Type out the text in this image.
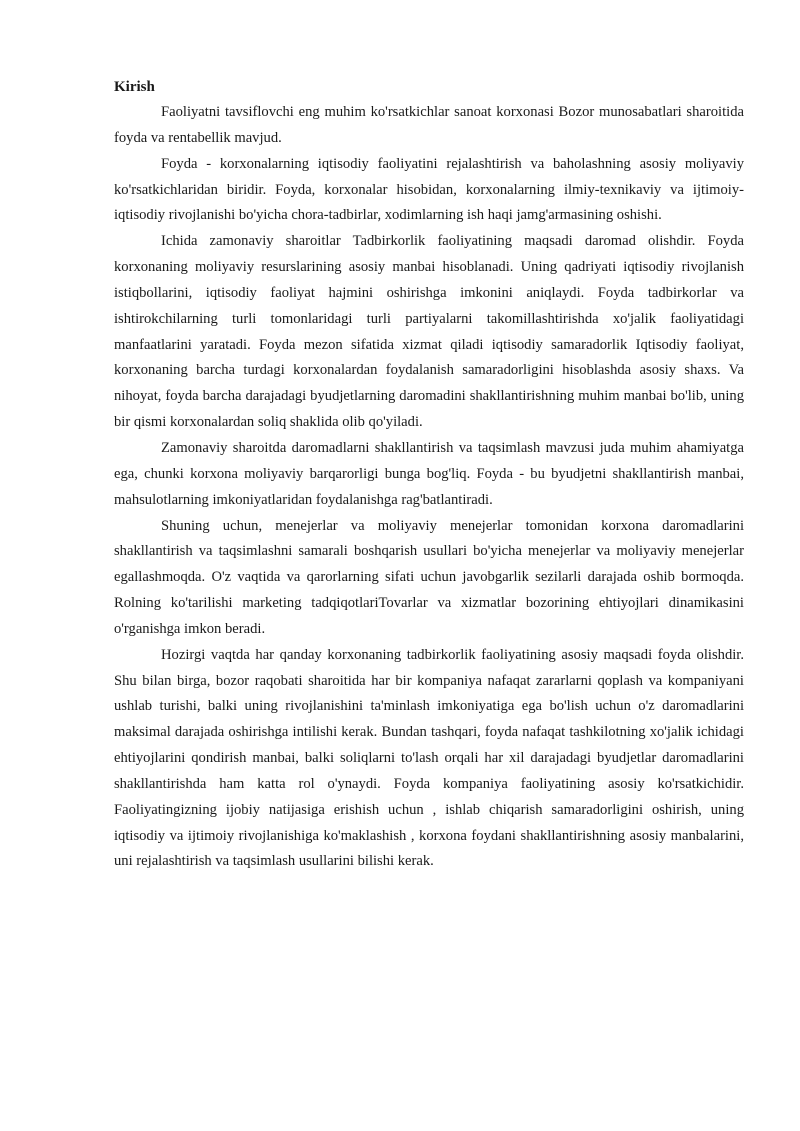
Kirish

Faoliyatni tavsiflovchi eng muhim ko'rsatkichlar sanoat korxonasi Bozor munosabatlari sharoitida foyda va rentabellik mavjud.

Foyda - korxonalarning iqtisodiy faoliyatini rejalashtirish va baholashning asosiy moliyaviy ko'rsatkichlaridan biridir. Foyda, korxonalar hisobidan, korxonalarning ilmiy-texnikaviy va ijtimoiy-iqtisodiy rivojlanishi bo'yicha chora-tadbirlar, xodimlarning ish haqi jamg'armasining oshishi.

Ichida zamonaviy sharoitlar Tadbirkorlik faoliyatining maqsadi daromad olishdir. Foyda korxonaning moliyaviy resurslarining asosiy manbai hisoblanadi. Uning qadriyati iqtisodiy rivojlanish istiqbollarini, iqtisodiy faoliyat hajmini oshirishga imkonini aniqlaydi. Foyda tadbirkorlar va ishtirokchilarning turli tomonlaridagi turli partiyalarni takomillashtirishda xo'jalik faoliyatidagi manfaatlarini yaratadi. Foyda mezon sifatida xizmat qiladi iqtisodiy samaradorlik Iqtisodiy faoliyat, korxonaning barcha turdagi korxonalardan foydalanish samaradorligini hisoblashda asosiy shaxs. Va nihoyat, foyda barcha darajadagi byudjetlarning daromadini shakllantirishning muhim manbai bo'lib, uning bir qismi korxonalardan soliq shaklida olib qo'yiladi.

Zamonaviy sharoitda daromadlarni shakllantirish va taqsimlash mavzusi juda muhim ahamiyatga ega, chunki korxona moliyaviy barqarorligi bunga bog'liq. Foyda - bu byudjetni shakllantirish manbai, mahsulotlarning imkoniyatlaridan foydalanishga rag'batlantiradi.

Shuning uchun, menejerlar va moliyaviy menejerlar tomonidan korxona daromadlarini shakllantirish va taqsimlashni samarali boshqarish usullari bo'yicha menejerlar va moliyaviy menejerlar egallashmoqda. O'z vaqtida va qarorlarning sifati uchun javobgarlik sezilarli darajada oshib bormoqda. Rolning ko'tarilishi marketing tadqiqotlariTovarlar va xizmatlar bozorining ehtiyojlari dinamikasini o'rganishga imkon beradi.

Hozirgi vaqtda har qanday korxonaning tadbirkorlik faoliyatining asosiy maqsadi foyda olishdir. Shu bilan birga, bozor raqobati sharoitida har bir kompaniya nafaqat zararlarni qoplash va kompaniyani ushlab turishi, balki uning rivojlanishini ta'minlash imkoniyatiga ega bo'lish uchun o'z daromadlarini maksimal darajada oshirishga intilishi kerak. Bundan tashqari, foyda nafaqat tashkilotning xo'jalik ichidagi ehtiyojlarini qondirish manbai, balki soliqlarni to'lash orqali har xil darajadagi byudjetlar daromadlarini shakllantirishda ham katta rol o'ynaydi. Foyda kompaniya faoliyatining asosiy ko'rsatkichidir. Faoliyatingizning ijobiy natijasiga erishish uchun , ishlab chiqarish samaradorligini oshirish, uning iqtisodiy va ijtimoiy rivojlanishiga ko'maklashish , korxona foydani shakllantirishning asosiy manbalarini, uni rejalashtirish va taqsimlash usullarini bilishi kerak.
